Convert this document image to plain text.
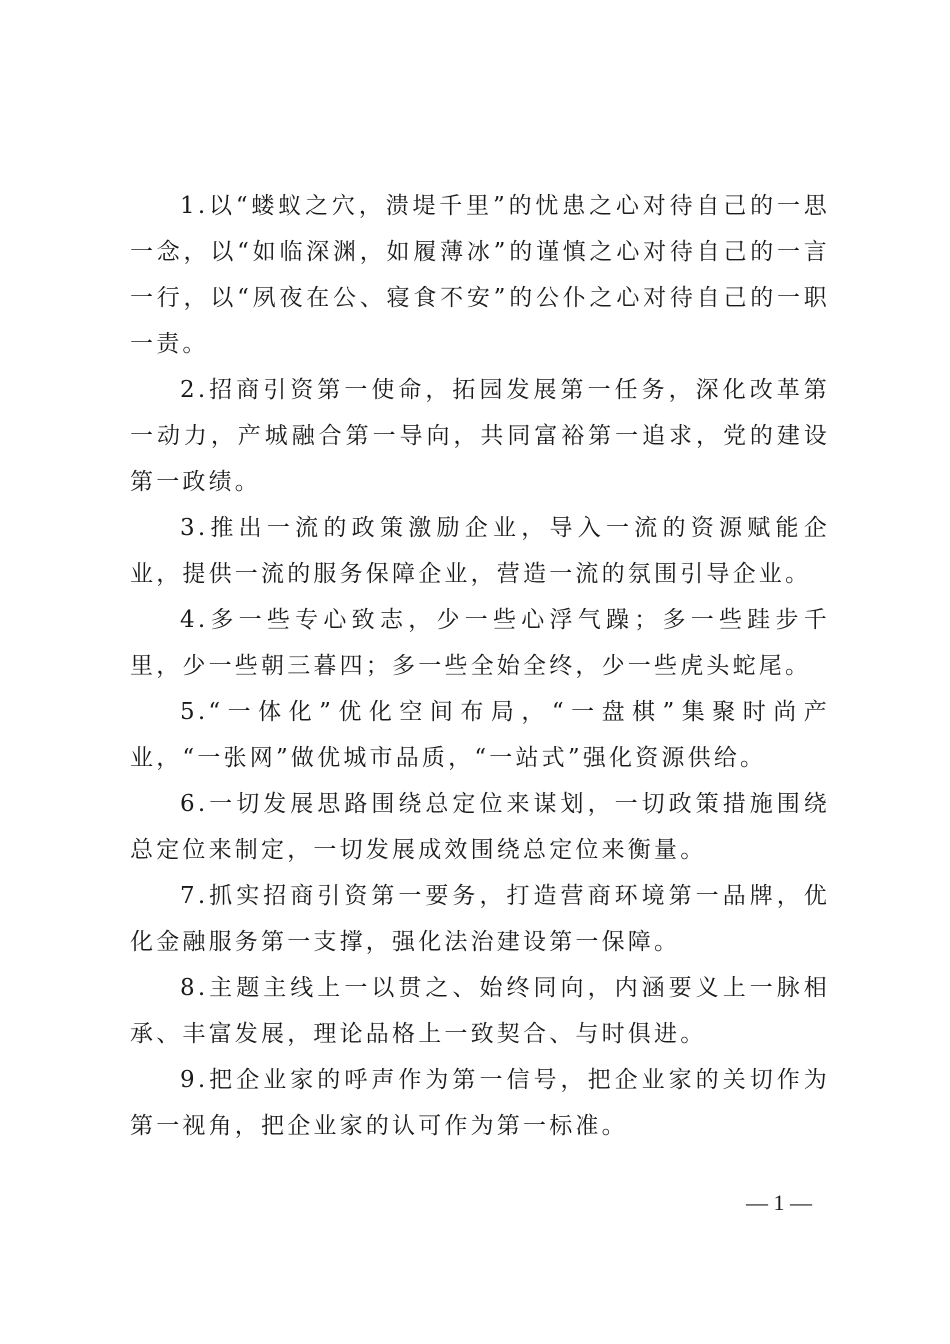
1.以“蝼蚁之穴，溃堤千里”的忧患之心对待自己的一思一念，以“如临深渊，如履薄冰”的谨慎之心对待自己的一言一行，以“夙夜在公、寝食不安”的公仆之心对待自己的一职一责。

2.招商引资第一使命，拓园发展第一任务，深化改革第一动力，产城融合第一导向，共同富裕第一追求，党的建设第一政绩。

3.推出一流的政策激励企业，导入一流的资源赋能企业，提供一流的服务保障企业，营造一流的氛围引导企业。

4.多一些专心致志，少一些心浮气躁；多一些跬步千里，少一些朝三暮四；多一些全始全终，少一些虎头蛇尾。

5.“一体化”优化空间布局，“一盘棋”集聚时尚产业，“一张网”做优城市品质，“一站式”强化资源供给。

6.一切发展思路围绕总定位来谋划，一切政策措施围绕总定位来制定，一切发展成效围绕总定位来衡量。

7.抓实招商引资第一要务，打造营商环境第一品牌，优化金融服务第一支撑，强化法治建设第一保障。

8.主题主线上一以贯之、始终同向，内涵要义上一脉相承、丰富发展，理论品格上一致契合、与时俱进。

9.把企业家的呼声作为第一信号，把企业家的关切作为第一视角，把企业家的认可作为第一标准。

— 1 —
